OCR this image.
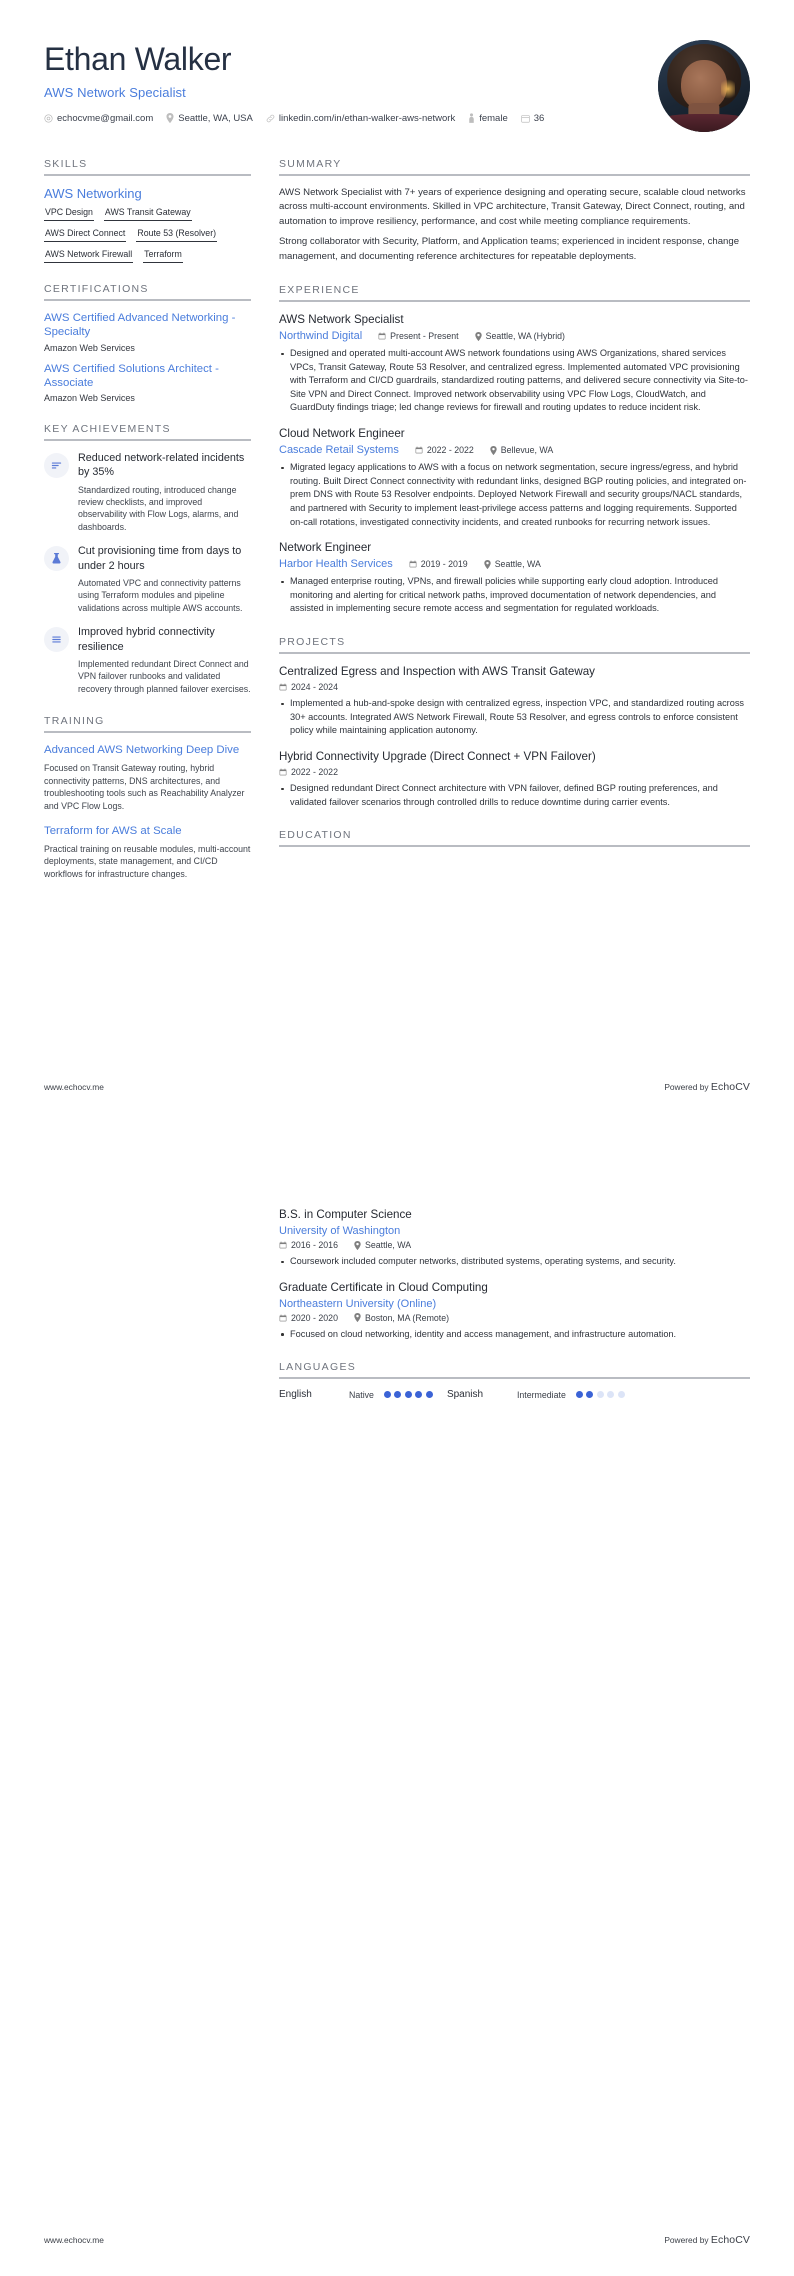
Ethan Walker
AWS Network Specialist
echocvme@gmail.com	Seattle, WA, USA	linkedin.com/in/ethan-walker-aws-network	female	36
SKILLS
AWS Networking
VPC Design AWS Transit Gateway
AWS Direct Connect Route 53 (Resolver)
AWS Network Firewall Terraform
CERTIFICATIONS
AWS Certified Advanced Networking - Specialty
Amazon Web Services
AWS Certified Solutions Architect - Associate
Amazon Web Services
KEY ACHIEVEMENTS
Reduced network-related incidents by 35%
Standardized routing, introduced change review checklists, and improved observability with Flow Logs, alarms, and dashboards.
Cut provisioning time from days to under 2 hours
Automated VPC and connectivity patterns using Terraform modules and pipeline validations across multiple AWS accounts.
Improved hybrid connectivity resilience
Implemented redundant Direct Connect and VPN failover runbooks and validated recovery through planned failover exercises.
TRAINING
Advanced AWS Networking Deep Dive
Focused on Transit Gateway routing, hybrid connectivity patterns, DNS architectures, and troubleshooting tools such as Reachability Analyzer and VPC Flow Logs.
Terraform for AWS at Scale
Practical training on reusable modules, multi-account deployments, state management, and CI/CD workflows for infrastructure changes.
SUMMARY

AWS Network Specialist with 7+ years of experience designing and operating secure, scalable cloud networks across multi-account environments. Skilled in VPC architecture, Transit Gateway, Direct Connect, routing, and automation to improve resiliency, performance, and cost while meeting compliance requirements.

Strong collaborator with Security, Platform, and Application teams; experienced in incident response, change management, and documenting reference architectures for repeatable deployments.

EXPERIENCE
AWS Network Specialist
Northwind Digital	Present - Present	Seattle, WA (Hybrid)
Designed and operated multi-account AWS network foundations using AWS Organizations, shared services VPCs, Transit Gateway, Route 53 Resolver, and centralized egress. Implemented automated VPC provisioning with Terraform and CI/CD guardrails, standardized routing patterns, and delivered secure connectivity via Site-to-Site VPN and Direct Connect. Improved network observability using VPC Flow Logs, CloudWatch, and GuardDuty findings triage; led change reviews for firewall and routing updates to reduce incident risk.
Cloud Network Engineer
Cascade Retail Systems	2022 - 2022	Bellevue, WA
Migrated legacy applications to AWS with a focus on network segmentation, secure ingress/egress, and hybrid routing. Built Direct Connect connectivity with redundant links, designed BGP routing policies, and integrated on-prem DNS with Route 53 Resolver endpoints. Deployed Network Firewall and security groups/NACL standards, and partnered with Security to implement least-privilege access patterns and logging requirements. Supported on-call rotations, investigated connectivity incidents, and created runbooks for recurring network issues.
Network Engineer
Harbor Health Services	2019 - 2019	Seattle, WA
Managed enterprise routing, VPNs, and firewall policies while supporting early cloud adoption. Introduced monitoring and alerting for critical network paths, improved documentation of network dependencies, and assisted in implementing secure remote access and segmentation for regulated workloads.
PROJECTS
Centralized Egress and Inspection with AWS Transit Gateway
2024 - 2024
Implemented a hub-and-spoke design with centralized egress, inspection VPC, and standardized routing across 30+ accounts. Integrated AWS Network Firewall, Route 53 Resolver, and egress controls to enforce consistent policy while maintaining application autonomy.
Hybrid Connectivity Upgrade (Direct Connect + VPN Failover)
2022 - 2022
Designed redundant Direct Connect architecture with VPN failover, defined BGP routing preferences, and validated failover scenarios through controlled drills to reduce downtime during carrier events.
EDUCATION
www.echocv.me	Powered by EchoCV
B.S. in Computer Science
University of Washington
2016 - 2016	Seattle, WA
Coursework included computer networks, distributed systems, operating systems, and security.
Graduate Certificate in Cloud Computing
Northeastern University (Online)
2020 - 2020	Boston, MA (Remote)
Focused on cloud networking, identity and access management, and infrastructure automation.
LANGUAGES
English	Native	Spanish	Intermediate
www.echocv.me	Powered by EchoCV
